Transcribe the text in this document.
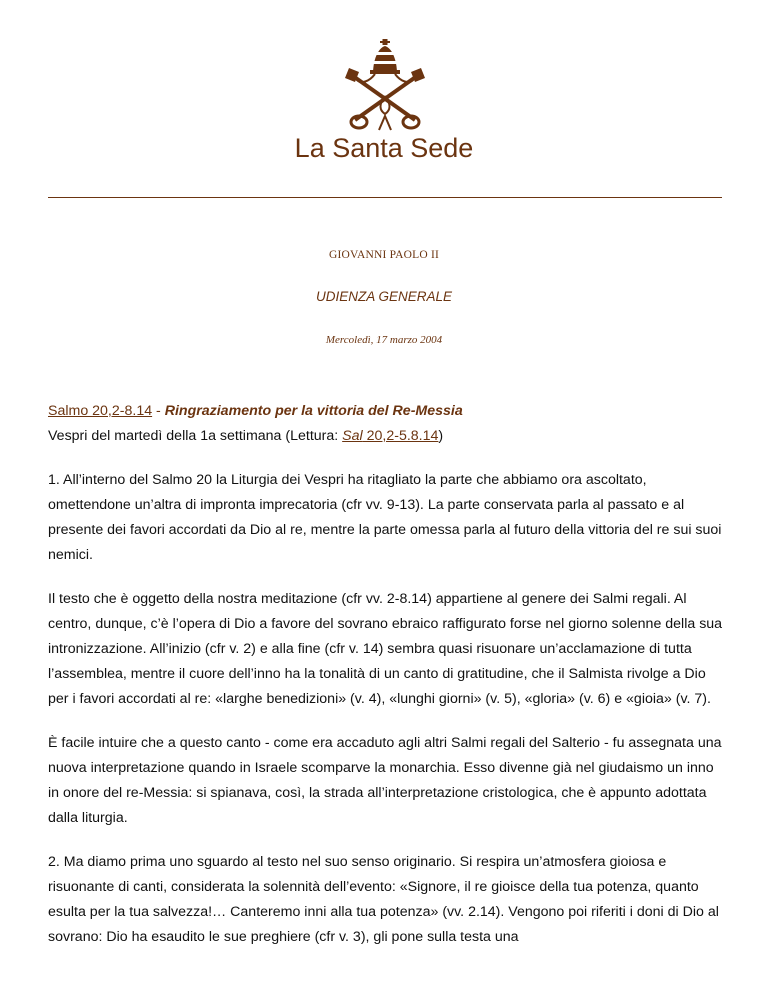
La Santa Sede
GIOVANNI PAOLO II
UDIENZA GENERALE
Mercoledì, 17 marzo 2004

Salmo 20,2-8.14 - Ringraziamento per la vittoria del Re-Messia

Vespri del martedì della 1a settimana (Lettura: Sal 20,2-5.8.14)

1. All’interno del Salmo 20 la Liturgia dei Vespri ha ritagliato la parte che abbiamo ora ascoltato, omettendone un’altra di impronta imprecatoria (cfr vv. 9-13). La parte conservata parla al passato e al presente dei favori accordati da Dio al re, mentre la parte omessa parla al futuro della vittoria del re sui suoi nemici.

Il testo che è oggetto della nostra meditazione (cfr vv. 2-8.14) appartiene al genere dei Salmi regali. Al centro, dunque, c’è l’opera di Dio a favore del sovrano ebraico raffigurato forse nel giorno solenne della sua intronizzazione. All’inizio (cfr v. 2) e alla fine (cfr v. 14) sembra quasi risuonare un’acclamazione di tutta l’assemblea, mentre il cuore dell’inno ha la tonalità di un canto di gratitudine, che il Salmista rivolge a Dio per i favori accordati al re: «larghe benedizioni» (v. 4), «lunghi giorni» (v. 5), «gloria» (v. 6) e «gioia» (v. 7).

È facile intuire che a questo canto - come era accaduto agli altri Salmi regali del Salterio - fu assegnata una nuova interpretazione quando in Israele scomparve la monarchia. Esso divenne già nel giudaismo un inno in onore del re-Messia: si spianava, così, la strada all’interpretazione cristologica, che è appunto adottata dalla liturgia.

2. Ma diamo prima uno sguardo al testo nel suo senso originario. Si respira un’atmosfera gioiosa e risuonante di canti, considerata la solennità dell’evento: «Signore, il re gioisce della tua potenza, quanto esulta per la tua salvezza!… Canteremo inni alla tua potenza» (vv. 2.14). Vengono poi riferiti i doni di Dio al sovrano: Dio ha esaudito le sue preghiere (cfr v. 3), gli pone sulla testa una
